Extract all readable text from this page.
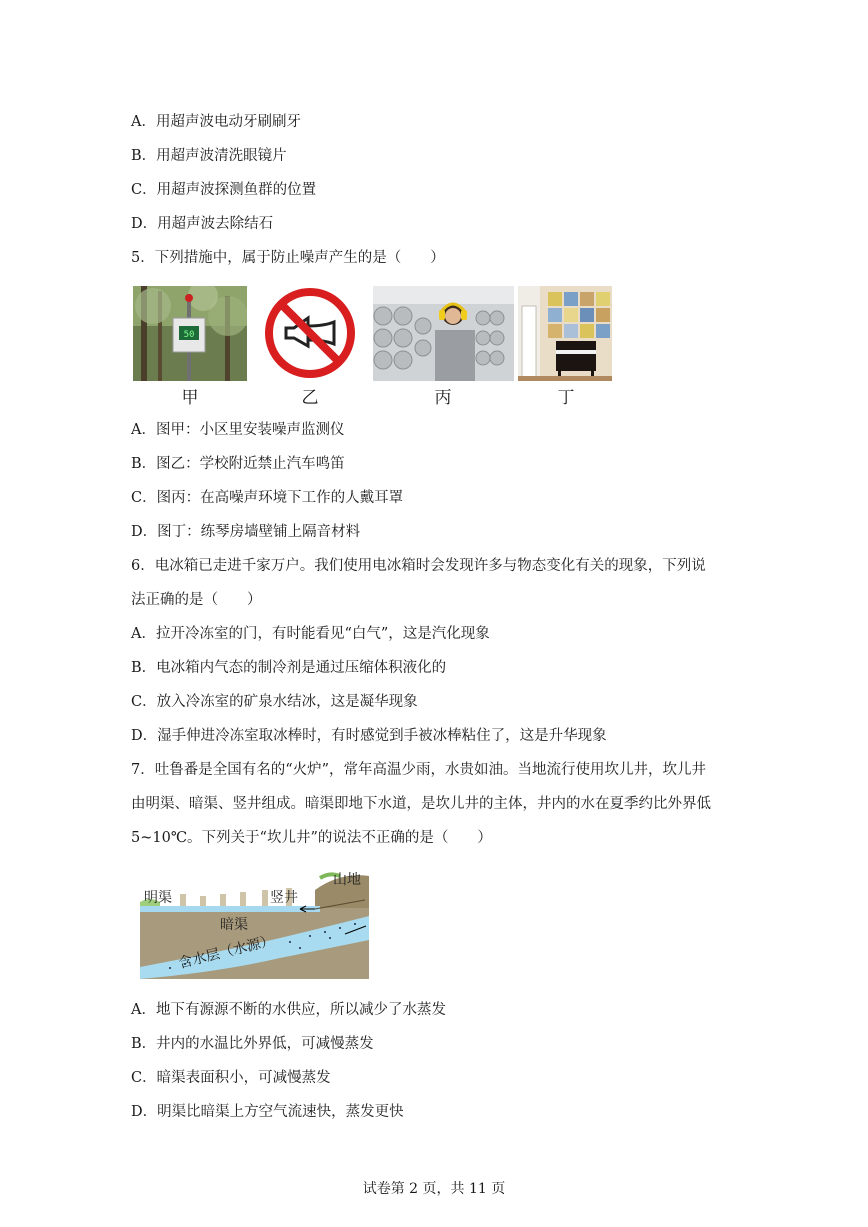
A．用超声波电动牙刷刷牙
B．用超声波清洗眼镜片
C．用超声波探测鱼群的位置
D．用超声波去除结石
5．下列措施中，属于防止噪声产生的是（　　）
50
甲	乙	丙	丁
A．图甲：小区里安装噪声监测仪
B．图乙：学校附近禁止汽车鸣笛
C．图丙：在高噪声环境下工作的人戴耳罩
D．图丁：练琴房墙壁铺上隔音材料
6．电冰箱已走进千家万户。我们使用电冰箱时会发现许多与物态变化有关的现象，下列说
法正确的是（　　）
A．拉开冷冻室的门，有时能看见“白气”，这是汽化现象
B．电冰箱内气态的制冷剂是通过压缩体积液化的
C．放入冷冻室的矿泉水结冰，这是凝华现象
D．湿手伸进冷冻室取冰棒时，有时感觉到手被冰棒粘住了，这是升华现象
7．吐鲁番是全国有名的“火炉”，常年高温少雨，水贵如油。当地流行使用坎儿井，坎儿井
由明渠、暗渠、竖井组成。暗渠即地下水道，是坎儿井的主体，井内的水在夏季约比外界低
5~10℃。下列关于“坎儿井”的说法不正确的是（　　）
山地
明渠	竖井
暗渠
含水层（水源）
A．地下有源源不断的水供应，所以减少了水蒸发
B．井内的水温比外界低，可减慢蒸发
C．暗渠表面积小，可减慢蒸发
D．明渠比暗渠上方空气流速快，蒸发更快
试卷第 2 页，共 11 页
